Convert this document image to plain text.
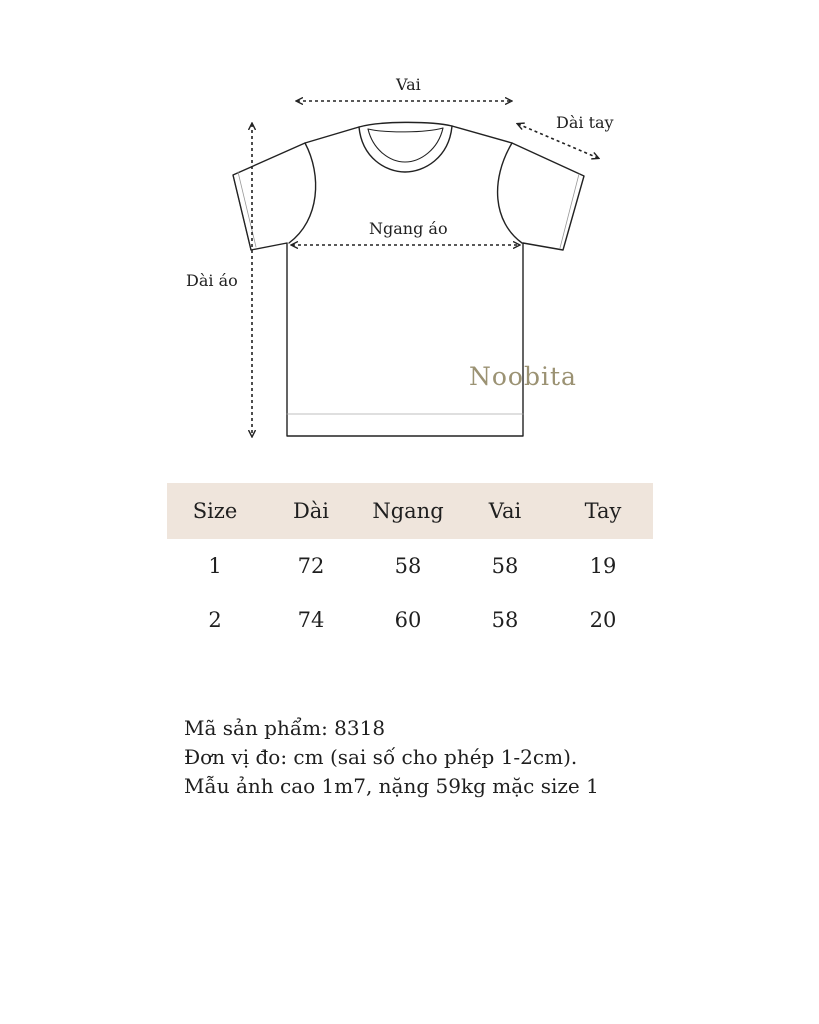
Vai
Dài tay
Ngang áo
Dài áo
Noobita
Size	Dài	Ngang	Vai	Tay
1	72	58	58	19
2	74	60	58	20
Mã sản phẩm: 8318
Đơn vị đo: cm (sai số cho phép 1-2cm).
Mẫu ảnh cao 1m7, nặng 59kg mặc size 1
